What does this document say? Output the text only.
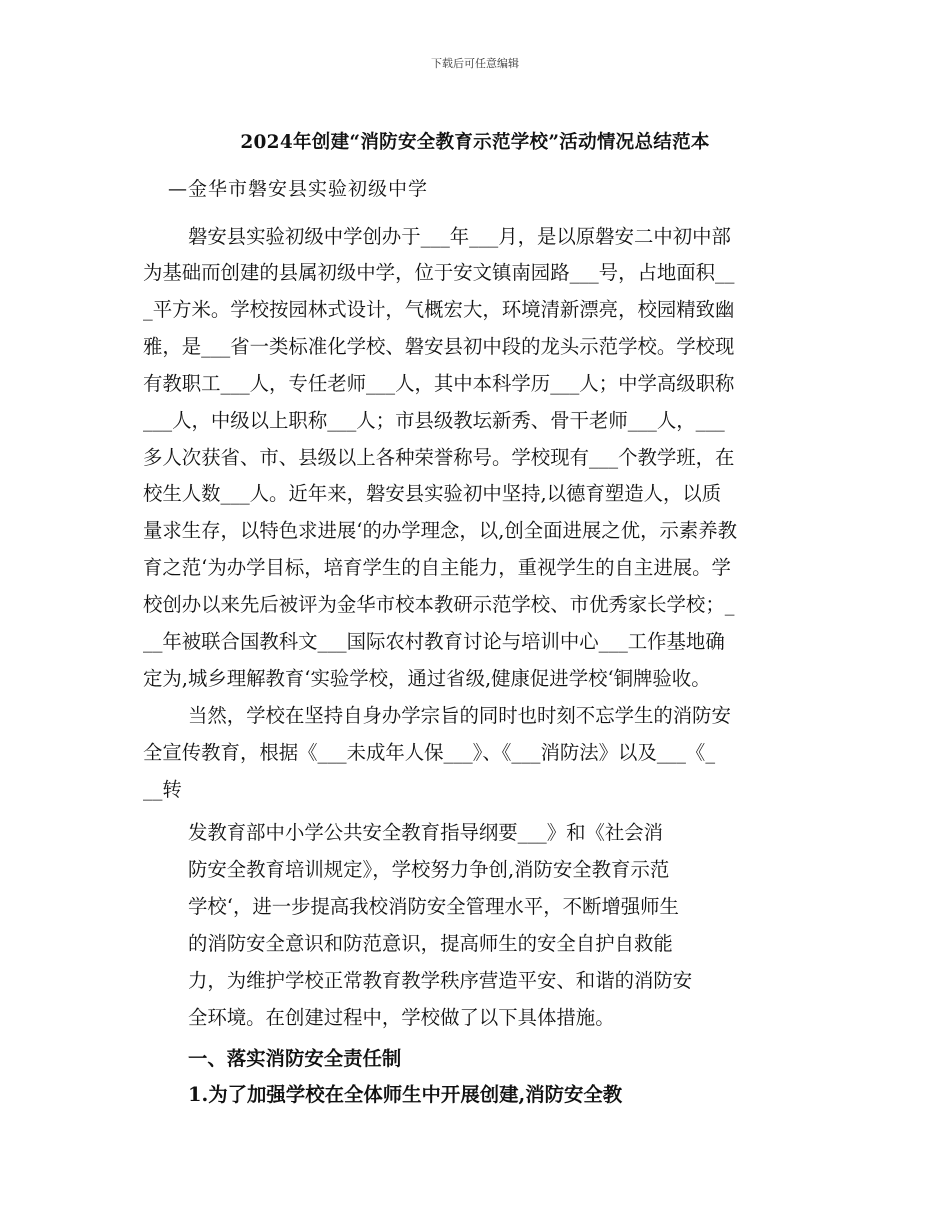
下载后可任意编辑
2024年创建“消防安全教育示范学校”活动情况总结范本
—金华市磐安县实验初级中学
磐安县实验初级中学创办于___年___月，是以原磐安二中初中部
为基础而创建的县属初级中学，位于安文镇南园路___号，占地面积__
_平方米。学校按园林式设计，气概宏大，环境清新漂亮，校园精致幽
雅，是___省一类标准化学校、磐安县初中段的龙头示范学校。学校现
有教职工___人，专任老师___人，其中本科学历___人；中学高级职称
___人，中级以上职称___人；市县级教坛新秀、骨干老师___人，___
多人次获省、市、县级以上各种荣誉称号。学校现有___个教学班，在
校生人数___人。近年来，磐安县实验初中坚持,以德育塑造人，以质
量求生存，以特色求进展‘的办学理念，以,创全面进展之优，示素养教
育之范‘为办学目标，培育学生的自主能力，重视学生的自主进展。学
校创办以来先后被评为金华市校本教研示范学校、市优秀家长学校；_
__年被联合国教科文___国际农村教育讨论与培训中心___工作基地确
定为,城乡理解教育‘实验学校，通过省级,健康促进学校‘铜牌验收。
当然，学校在坚持自身办学宗旨的同时也时刻不忘学生的消防安
全宣传教育，根据《___未成年人保___》、《___消防法》以及___《_
__转
发教育部中小学公共安全教育指导纲要___》和《社会消
防安全教育培训规定》，学校努力争创,消防安全教育示范
学校‘，进一步提高我校消防安全管理水平，不断增强师生
的消防安全意识和防范意识，提高师生的安全自护自救能
力，为维护学校正常教育教学秩序营造平安、和谐的消防安
全环境。在创建过程中，学校做了以下具体措施。
一、落实消防安全责任制
1.为了加强学校在全体师生中开展创建,消防安全教
